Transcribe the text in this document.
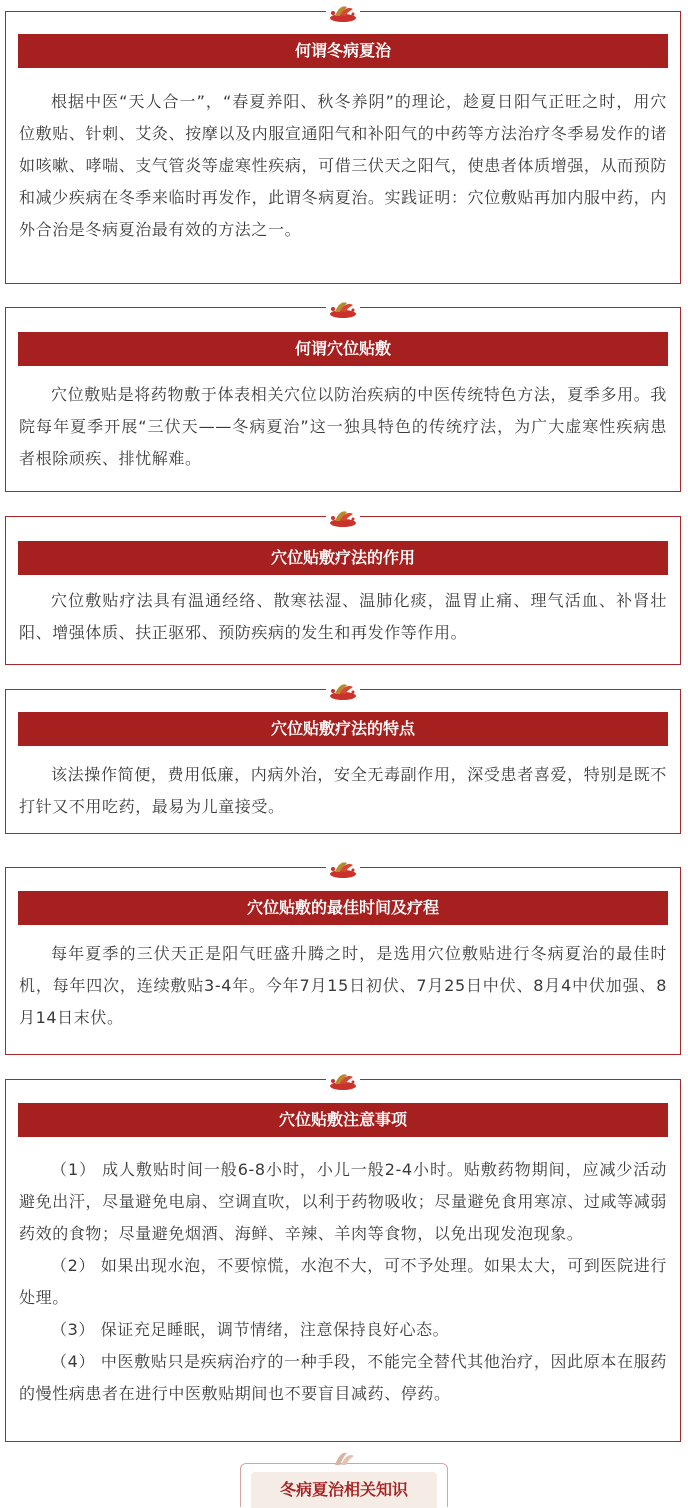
何谓冬病夏治

根据中医“天人合一”，“春夏养阳、秋冬养阴”的理论，趁夏日阳气正旺之时，用穴位敷贴、针刺、艾灸、按摩以及内服宣通阳气和补阳气的中药等方法治疗冬季易发作的诸如咳嗽、哮喘、支气管炎等虚寒性疾病，可借三伏天之阳气，使患者体质增强，从而预防和减少疾病在冬季来临时再发作，此谓冬病夏治。实践证明：穴位敷贴再加内服中药，内外合治是冬病夏治最有效的方法之一。

何谓穴位贴敷

穴位敷贴是将药物敷于体表相关穴位以防治疾病的中医传统特色方法，夏季多用。我院每年夏季开展“三伏天——冬病夏治”这一独具特色的传统疗法，为广大虚寒性疾病患者根除顽疾、排忧解难。

穴位贴敷疗法的作用

穴位敷贴疗法具有温通经络、散寒祛湿、温肺化痰，温胃止痛、理气活血、补肾壮阳、增强体质、扶正驱邪、预防疾病的发生和再发作等作用。

穴位贴敷疗法的特点

该法操作简便，费用低廉，内病外治，安全无毒副作用，深受患者喜爱，特别是既不打针又不用吃药，最易为儿童接受。

穴位贴敷的最佳时间及疗程

每年夏季的三伏天正是阳气旺盛升腾之时，是选用穴位敷贴进行冬病夏治的最佳时机，每年四次，连续敷贴3-4年。今年7月15日初伏、7月25日中伏、8月4中伏加强、8月14日末伏。

穴位贴敷注意事项

（1） 成人敷贴时间一般6-8小时，小儿一般2-4小时。贴敷药物期间，应减少活动避免出汗，尽量避免电扇、空调直吹，以利于药物吸收；尽量避免食用寒凉、过咸等减弱药效的食物；尽量避免烟酒、海鲜、辛辣、羊肉等食物，以免出现发泡现象。

（2） 如果出现水泡，不要惊慌，水泡不大，可不予处理。如果太大，可到医院进行处理。

（3） 保证充足睡眠，调节情绪，注意保持良好心态。

（4） 中医敷贴只是疾病治疗的一种手段，不能完全替代其他治疗，因此原本在服药的慢性病患者在进行中医敷贴期间也不要盲目减药、停药。

冬病夏治相关知识
